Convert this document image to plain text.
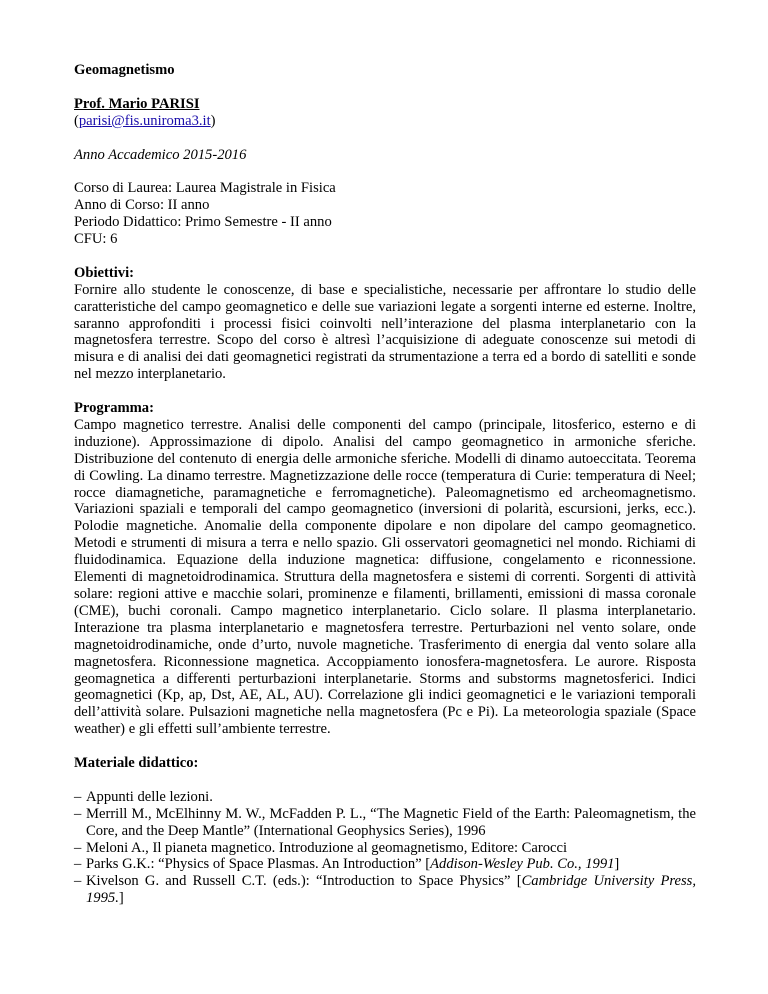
Geomagnetismo

Prof. Mario PARISI

(parisi@fis.uniroma3.it)

Anno Accademico 2015-2016

Corso di Laurea: Laurea Magistrale in Fisica

Anno di Corso: II anno

Periodo Didattico: Primo Semestre - II anno

CFU: 6

Obiettivi:

Fornire allo studente le conoscenze, di base e specialistiche, necessarie per affrontare lo studio delle caratteristiche del campo geomagnetico e delle sue variazioni legate a sorgenti interne ed esterne. Inoltre, saranno approfonditi i processi fisici coinvolti nell’interazione del plasma interplanetario con la magnetosfera terrestre. Scopo del corso è altresì l’acquisizione di adeguate conoscenze sui metodi di misura e di analisi dei dati geomagnetici registrati da strumentazione a terra ed a bordo di satelliti e sonde nel mezzo interplanetario.

Programma:

Campo magnetico terrestre. Analisi delle componenti del campo (principale, litosferico, esterno e di induzione). Approssimazione di dipolo. Analisi del campo geomagnetico in armoniche sferiche. Distribuzione del contenuto di energia delle armoniche sferiche. Modelli di dinamo autoeccitata. Teorema di Cowling. La dinamo terrestre. Magnetizzazione delle rocce (temperatura di Curie: temperatura di Neel; rocce diamagnetiche, paramagnetiche e ferromagnetiche). Paleomagnetismo ed archeomagnetismo. Variazioni spaziali e temporali del campo geomagnetico (inversioni di polarità, escursioni, jerks, ecc.). Polodie magnetiche. Anomalie della componente dipolare e non dipolare del campo geomagnetico. Metodi e strumenti di misura a terra e nello spazio. Gli osservatori geomagnetici nel mondo. Richiami di fluidodinamica. Equazione della induzione magnetica: diffusione, congelamento e riconnessione. Elementi di magnetoidrodinamica. Struttura della magnetosfera e sistemi di correnti. Sorgenti di attività solare: regioni attive e macchie solari, prominenze e filamenti, brillamenti, emissioni di massa coronale (CME), buchi coronali. Campo magnetico interplanetario. Ciclo solare. Il plasma interplanetario. Interazione tra plasma interplanetario e magnetosfera terrestre. Perturbazioni nel vento solare, onde magnetoidrodinamiche, onde d’urto, nuvole magnetiche. Trasferimento di energia dal vento solare alla magnetosfera. Riconnessione magnetica. Accoppiamento ionosfera-magnetosfera. Le aurore. Risposta geomagnetica a differenti perturbazioni interplanetarie. Storms and substorms magnetosferici. Indici geomagnetici (Kp, ap, Dst, AE, AL, AU). Correlazione gli indici geomagnetici e le variazioni temporali dell’attività solare. Pulsazioni magnetiche nella magnetosfera (Pc e Pi). La meteorologia spaziale (Space weather) e gli effetti sull’ambiente terrestre.

Materiale didattico:

– Appunti delle lezioni.
– Merrill M., McElhinny M. W., McFadden P. L., “The Magnetic Field of the Earth: Paleomagnetism, the Core, and the Deep Mantle” (International Geophysics Series), 1996
– Meloni A., Il pianeta magnetico. Introduzione al geomagnetismo, Editore: Carocci
– Parks G.K.: “Physics of Space Plasmas. An Introduction” [Addison-Wesley Pub. Co., 1991]
– Kivelson G. and Russell C.T. (eds.): “Introduction to Space Physics” [Cambridge University Press, 1995.]
